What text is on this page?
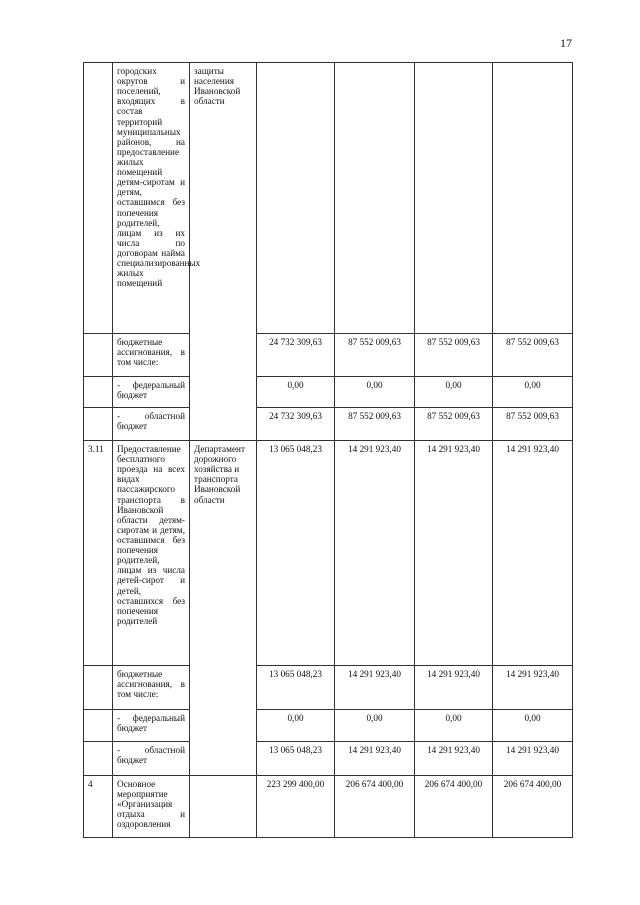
17
	городских округов и поселений, входящих в состав территорий муниципальных районов, на предоставление жилых помещений детям-сиротам и детям, оставшимся без попечения родителей, лицам из их числа по договорам найма специализированных жилых помещений	защиты населения Ивановской области				
	бюджетные ассигнования, в том числе:		24 732 309,63	87 552 009,63	87 552 009,63	87 552 009,63
	- федеральный бюджет		0,00	0,00	0,00	0,00
	- областной бюджет		24 732 309,63	87 552 009,63	87 552 009,63	87 552 009,63
3.11	Предоставление бесплатного проезда на всех видах пассажирского транспорта в Ивановской области детям-сиротам и детям, оставшимся без попечения родителей, лицам из числа детей-сирот и детей, оставшихся без попечения родителей	Департамент дорожного хозяйства и транспорта Ивановской области	13 065 048,23	14 291 923,40	14 291 923,40	14 291 923,40
	бюджетные ассигнования, в том числе:		13 065 048,23	14 291 923,40	14 291 923,40	14 291 923,40
	- федеральный бюджет		0,00	0,00	0,00	0,00
	- областной бюджет		13 065 048,23	14 291 923,40	14 291 923,40	14 291 923,40
4	Основное мероприятие «Организация отдыха и оздоровления		223 299 400,00	206 674 400,00	206 674 400,00	206 674 400,00
